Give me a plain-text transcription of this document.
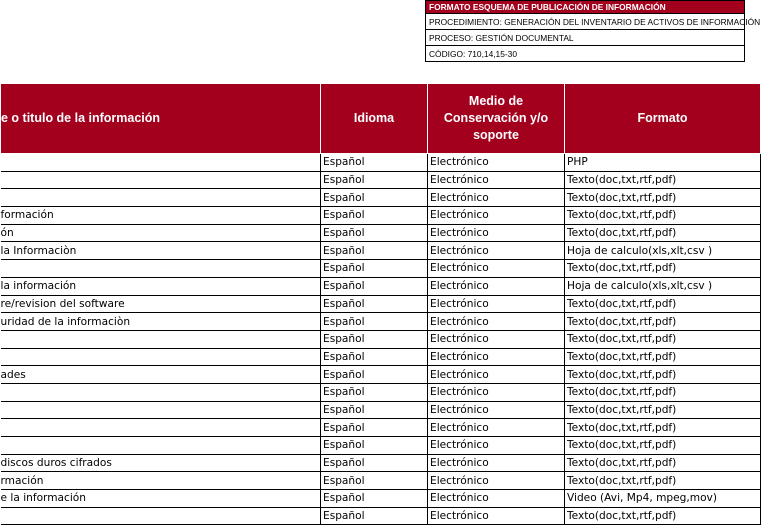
FORMATO ESQUEMA DE PUBLICACIÓN DE INFORMACIÓN
PROCEDIMIENTO: GENERACIÓN DEL INVENTARIO DE ACTIVOS DE INFORMACIÓN
PROCESO: GESTIÓN DOCUMENTAL
CÓDIGO: 710,14,15-30
e o titulo de la información	Idioma	Medio de Conservación y/o soporte	Formato
	Español	Electrónico	PHP
	Español	Electrónico	Texto(doc,txt,rtf,pdf)
	Español	Electrónico	Texto(doc,txt,rtf,pdf)
formación	Español	Electrónico	Texto(doc,txt,rtf,pdf)
ón	Español	Electrónico	Texto(doc,txt,rtf,pdf)
la Informaciòn	Español	Electrónico	Hoja de calculo(xls,xlt,csv )
	Español	Electrónico	Texto(doc,txt,rtf,pdf)
la información	Español	Electrónico	Hoja de calculo(xls,xlt,csv )
re/revision del software	Español	Electrónico	Texto(doc,txt,rtf,pdf)
uridad de la informaciòn	Español	Electrónico	Texto(doc,txt,rtf,pdf)
	Español	Electrónico	Texto(doc,txt,rtf,pdf)
	Español	Electrónico	Texto(doc,txt,rtf,pdf)
ades	Español	Electrónico	Texto(doc,txt,rtf,pdf)
	Español	Electrónico	Texto(doc,txt,rtf,pdf)
	Español	Electrónico	Texto(doc,txt,rtf,pdf)
	Español	Electrónico	Texto(doc,txt,rtf,pdf)
	Español	Electrónico	Texto(doc,txt,rtf,pdf)
discos duros cifrados	Español	Electrónico	Texto(doc,txt,rtf,pdf)
rmación	Español	Electrónico	Texto(doc,txt,rtf,pdf)
e la información	Español	Electrónico	Video (Avi, Mp4, mpeg,mov)
	Español	Electrónico	Texto(doc,txt,rtf,pdf)
